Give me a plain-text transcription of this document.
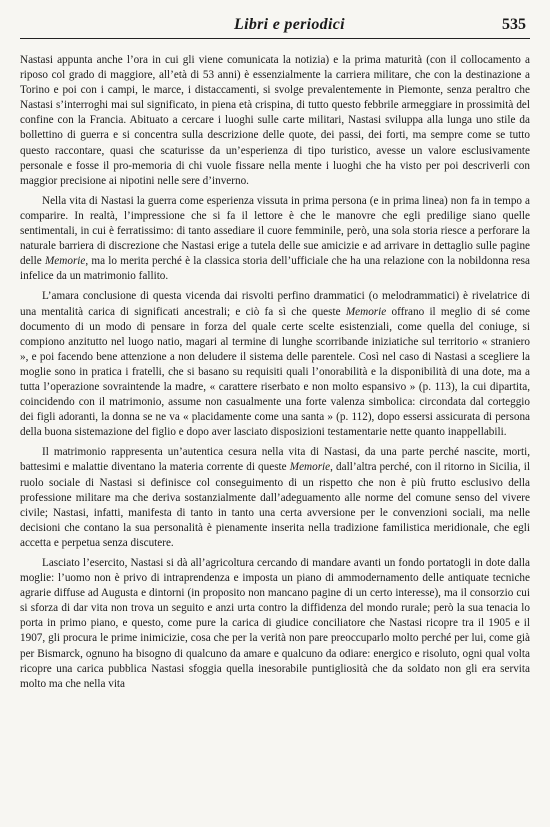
Libri e periodici	535

Nastasi appunta anche l’ora in cui gli viene comunicata la notizia) e la prima maturità (con il collocamento a riposo col grado di maggiore, all’età di 53 anni) è essenzialmente la carriera militare, che con la destinazione a Torino e poi con i campi, le marce, i distaccamenti, si svolge prevalentemente in Piemonte, senza peraltro che Nastasi s’interroghi mai sul significato, in piena età crispina, di tutto questo febbrile armeggiare in prossimità del confine con la Francia. Abituato a cercare i luoghi sulle carte militari, Nastasi sviluppa alla lunga uno stile da bollettino di guerra e si concentra sulla descrizione delle quote, dei passi, dei forti, ma sempre come se tutto questo raccontare, quasi che scaturisse da un’esperienza di tipo turistico, avesse un valore esclusivamente personale e fosse il pro-memoria di chi vuole fissare nella mente i luoghi che ha visto per poi descriverli con maggior precisione ai nipotini nelle sere d’inverno.

Nella vita di Nastasi la guerra come esperienza vissuta in prima persona (e in prima linea) non fa in tempo a comparire. In realtà, l’impressione che si fa il lettore è che le manovre che egli predilige siano quelle sentimentali, in cui è ferratissimo: di tanto assediare il cuore femminile, però, una sola storia riesce a perforare la naturale barriera di discrezione che Nastasi erige a tutela delle sue amicizie e ad arrivare in dettaglio sulle pagine delle Memorie, ma lo merita perché è la classica storia dell’ufficiale che ha una relazione con la nobildonna resa infelice da un matrimonio fallito.

L’amara conclusione di questa vicenda dai risvolti perfino drammatici (o melodrammatici) è rivelatrice di una mentalità carica di significati ancestrali; e ciò fa sì che queste Memorie offrano il meglio di sé come documento di un modo di pensare in forza del quale certe scelte esistenziali, come quella del coniuge, si compiono anzitutto nel luogo natio, magari al termine di lunghe scorribande iniziatiche sul territorio « straniero », e poi facendo bene attenzione a non deludere il sistema delle parentele. Così nel caso di Nastasi a scegliere la moglie sono in pratica i fratelli, che si basano su requisiti quali l’onorabilità e la disponibilità di una dote, ma a tutta l’operazione sovraintende la madre, « carattere riserbato e non molto espansivo » (p. 113), la cui dipartita, coincidendo con il matrimonio, assume non casualmente una forte valenza simbolica: circondata dal corteggio dei figli adoranti, la donna se ne va « placidamente come una santa » (p. 112), dopo essersi assicurata di persona della buona sistemazione del figlio e dopo aver lasciato disposizioni testamentarie nette quanto inappellabili.

Il matrimonio rappresenta un’autentica cesura nella vita di Nastasi, da una parte perché nascite, morti, battesimi e malattie diventano la materia corrente di queste Memorie, dall’altra perché, con il ritorno in Sicilia, il ruolo sociale di Nastasi si definisce col conseguimento di un rispetto che non è più frutto esclusivo della professione militare ma che deriva sostanzialmente dall’adeguamento alle norme del comune senso del vivere civile; Nastasi, infatti, manifesta di tanto in tanto una certa avversione per le convenzioni sociali, ma nelle decisioni che contano la sua personalità è pienamente inserita nella tradizione familistica meridionale, che egli accetta e perpetua senza discutere.

Lasciato l’esercito, Nastasi si dà all’agricoltura cercando di mandare avanti un fondo portatogli in dote dalla moglie: l’uomo non è privo di intraprendenza e imposta un piano di ammodernamento delle antiquate tecniche agrarie diffuse ad Augusta e dintorni (in proposito non mancano pagine di un certo interesse), ma il consorzio cui si sforza di dar vita non trova un seguito e anzi urta contro la diffidenza del mondo rurale; però la sua tenacia lo porta in primo piano, e questo, come pure la carica di giudice conciliatore che Nastasi ricopre tra il 1905 e il 1907, gli procura le prime inimicizie, cosa che per la verità non pare preoccuparlo molto perché per lui, come già per Bismarck, ognuno ha bisogno di qualcuno da amare e qualcuno da odiare: energico e risoluto, ogni qual volta ricopre una carica pubblica Nastasi sfoggia quella inesorabile puntigliosità che da soldato non gli era servita molto ma che nella vita
